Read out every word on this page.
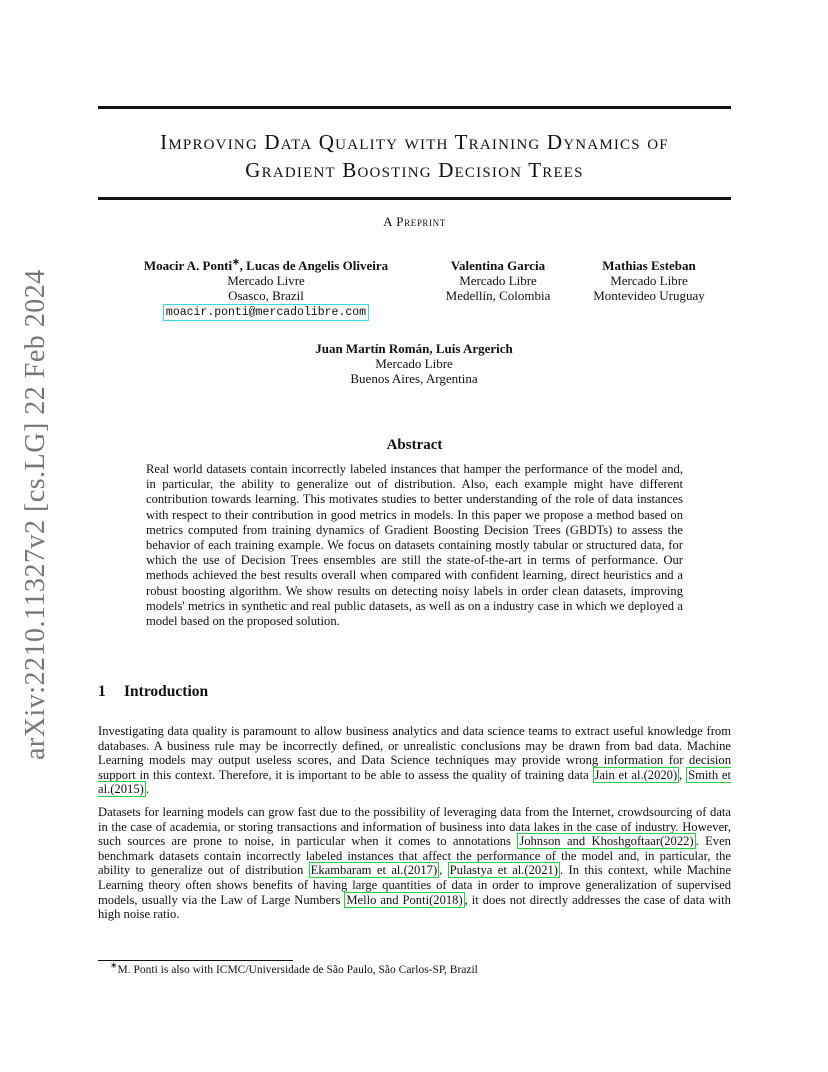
arXiv:2210.11327v2 [cs.LG] 22 Feb 2024
Improving Data Quality with Training Dynamics of
Gradient Boosting Decision Trees
A Preprint
Moacir A. Ponti∗, Lucas de Angelis Oliveira
Mercado Livre
Osasco, Brazil
moacir.ponti@mercadolibre.com
Valentina Garcia
Mercado Libre
Medellín, Colombia
Mathias Esteban
Mercado Libre
Montevideo Uruguay
Juan Martín Román, Luis Argerich
Mercado Libre
Buenos Aires, Argentina
Abstract
Real world datasets contain incorrectly labeled instances that hamper the performance of the model and, in particular, the ability to generalize out of distribution. Also, each example might have different contribution towards learning. This motivates studies to better understanding of the role of data instances with respect to their contribution in good metrics in models. In this paper we propose a method based on metrics computed from training dynamics of Gradient Boosting Decision Trees (GBDTs) to assess the behavior of each training example. We focus on datasets containing mostly tabular or structured data, for which the use of Decision Trees ensembles are still the state-of-the-art in terms of performance. Our methods achieved the best results overall when compared with confident learning, direct heuristics and a robust boosting algorithm. We show results on detecting noisy labels in order clean datasets, improving models' metrics in synthetic and real public datasets, as well as on a industry case in which we deployed a model based on the proposed solution.
1 Introduction
Investigating data quality is paramount to allow business analytics and data science teams to extract useful knowledge from databases. A business rule may be incorrectly defined, or unrealistic conclusions may be drawn from bad data. Machine Learning models may output useless scores, and Data Science techniques may provide wrong information for decision support in this context. Therefore, it is important to be able to assess the quality of training data Jain et al.(2020) , Smith et al.(2015) .
Datasets for learning models can grow fast due to the possibility of leveraging data from the Internet, crowdsourcing of data in the case of academia, or storing transactions and information of business into data lakes in the case of industry. However, such sources are prone to noise, in particular when it comes to annotations Johnson and Khoshgoftaar(2022) . Even benchmark datasets contain incorrectly labeled instances that affect the performance of the model and, in particular, the ability to generalize out of distribution Ekambaram et al.(2017) , Pulastya et al.(2021) . In this context, while Machine Learning theory often shows benefits of having large quantities of data in order to improve generalization of supervised models, usually via the Law of Large Numbers Mello and Ponti(2018) , it does not directly addresses the case of data with high noise ratio.
∗M. Ponti is also with ICMC/Universidade de São Paulo, São Carlos-SP, Brazil
